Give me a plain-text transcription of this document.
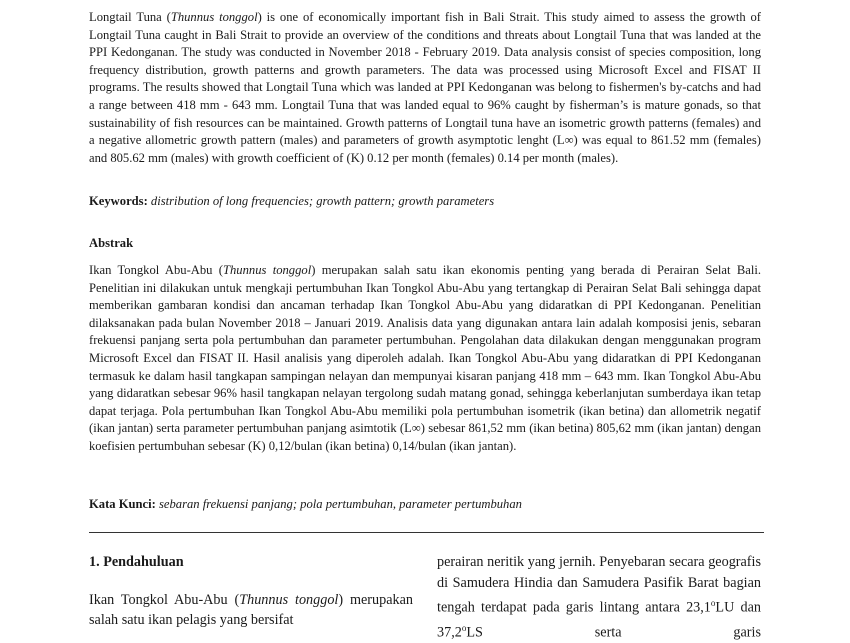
Longtail Tuna (Thunnus tonggol) is one of economically important fish in Bali Strait. This study aimed to assess the growth of Longtail Tuna caught in Bali Strait to provide an overview of the conditions and threats about Longtail Tuna that was landed at the PPI Kedonganan. The study was conducted in November 2018 - February 2019. Data analysis consist of species composition, long frequency distribution, growth patterns and growth parameters. The data was processed using Microsoft Excel and FISAT II programs. The results showed that Longtail Tuna which was landed at PPI Kedonganan was belong to fishermen's by-catchs and had a range between 418 mm - 643 mm. Longtail Tuna that was landed equal to 96% caught by fisherman’s is mature gonads, so that sustainability of fish resources can be maintained. Growth patterns of Longtail tuna have an isometric growth patterns (females) and a negative allometric growth pattern (males) and parameters of growth asymptotic lenght (L∞) was equal to 861.52 mm (females) and 805.62 mm (males) with growth coefficient of (K) 0.12 per month (females) 0.14 per month (males).

Keywords: distribution of long frequencies; growth pattern; growth parameters

Abstrak

Ikan Tongkol Abu-Abu (Thunnus tonggol) merupakan salah satu ikan ekonomis penting yang berada di Perairan Selat Bali. Penelitian ini dilakukan untuk mengkaji pertumbuhan Ikan Tongkol Abu-Abu yang tertangkap di Perairan Selat Bali sehingga dapat memberikan gambaran kondisi dan ancaman terhadap Ikan Tongkol Abu-Abu yang didaratkan di PPI Kedonganan. Penelitian dilaksanakan pada bulan November 2018 – Januari 2019. Analisis data yang digunakan antara lain adalah komposisi jenis, sebaran frekuensi panjang serta pola pertumbuhan dan parameter pertumbuhan. Pengolahan data dilakukan dengan menggunakan program Microsoft Excel dan FISAT II. Hasil analisis yang diperoleh adalah. Ikan Tongkol Abu-Abu yang didaratkan di PPI Kedonganan termasuk ke dalam hasil tangkapan sampingan nelayan dan mempunyai kisaran panjang 418 mm – 643 mm. Ikan Tongkol Abu-Abu yang didaratkan sebesar 96% hasil tangkapan nelayan tergolong sudah matang gonad, sehingga keberlanjutan sumberdaya ikan tetap dapat terjaga. Pola pertumbuhan Ikan Tongkol Abu-Abu memiliki pola pertumbuhan isometrik (ikan betina) dan allometrik negatif (ikan jantan) serta parameter pertumbuhan panjang asimtotik (L∞) sebesar 861,52 mm (ikan betina) 805,62 mm (ikan jantan) dengan koefisien pertumbuhan sebesar (K) 0,12/bulan (ikan betina) 0,14/bulan (ikan jantan).

Kata Kunci: sebaran frekuensi panjang; pola pertumbuhan, parameter pertumbuhan

1. Pendahuluan

Ikan Tongkol Abu-Abu (Thunnus tonggol) merupakan salah satu ikan pelagis yang bersifat

perairan neritik yang jernih. Penyebaran secara geografis di Samudera Hindia dan Samudera Pasifik Barat bagian tengah terdapat pada garis lintang antara 23,1$^o$LU dan 37,2$^o$LS serta garis
